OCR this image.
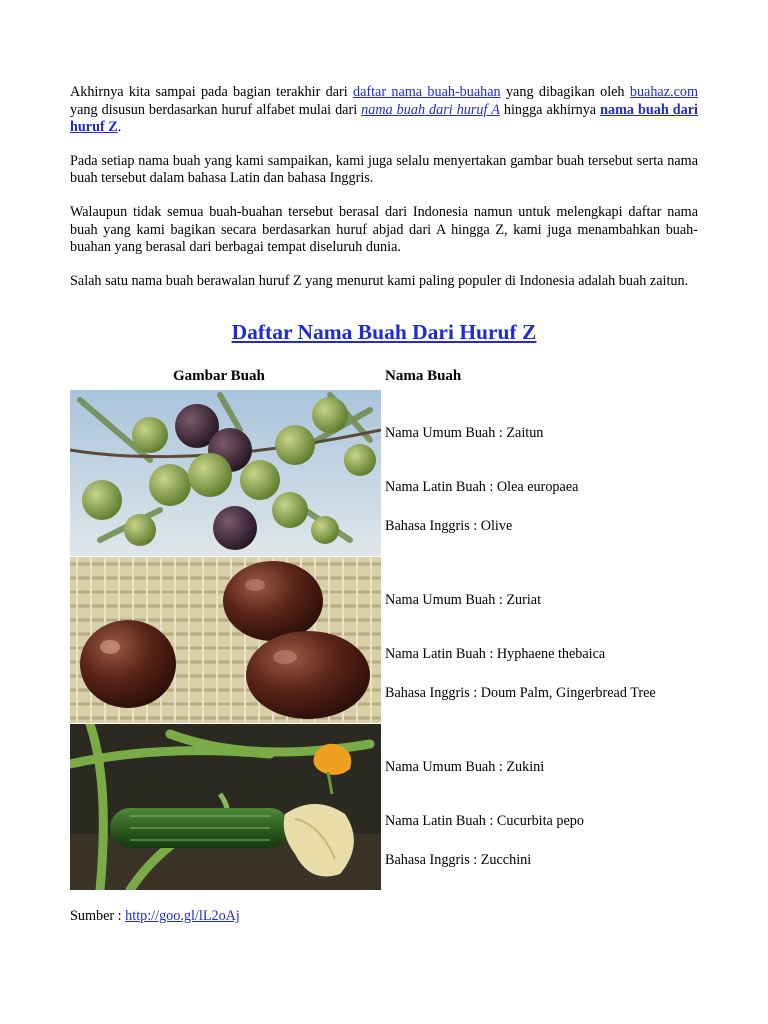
Akhirnya kita sampai pada bagian terakhir dari daftar nama buah-buahan yang dibagikan oleh buahaz.com yang disusun berdasarkan huruf alfabet mulai dari nama buah dari huruf A hingga akhirnya nama buah dari huruf Z.

Pada setiap nama buah yang kami sampaikan, kami juga selalu menyertakan gambar buah tersebut serta nama buah tersebut dalam bahasa Latin dan bahasa Inggris.

Walaupun tidak semua buah-buahan tersebut berasal dari Indonesia namun untuk melengkapi daftar nama buah yang kami bagikan secara berdasarkan huruf abjad dari A hingga Z, kami juga menambahkan buah-buahan yang berasal dari berbagai tempat diseluruh dunia.

Salah satu nama buah berawalan huruf Z yang menurut kami paling populer di Indonesia adalah buah zaitun.

Daftar Nama Buah Dari Huruf Z
Gambar Buah	Nama Buah
Nama Umum Buah : Zaitun
Nama Latin Buah : Olea europaea
Bahasa Inggris : Olive
Nama Umum Buah : Zuriat
Nama Latin Buah : Hyphaene thebaica
Bahasa Inggris : Doum Palm, Gingerbread Tree
Nama Umum Buah : Zukini
Nama Latin Buah : Cucurbita pepo
Bahasa Inggris : Zucchini
Sumber : http://goo.gl/lL2oAj
